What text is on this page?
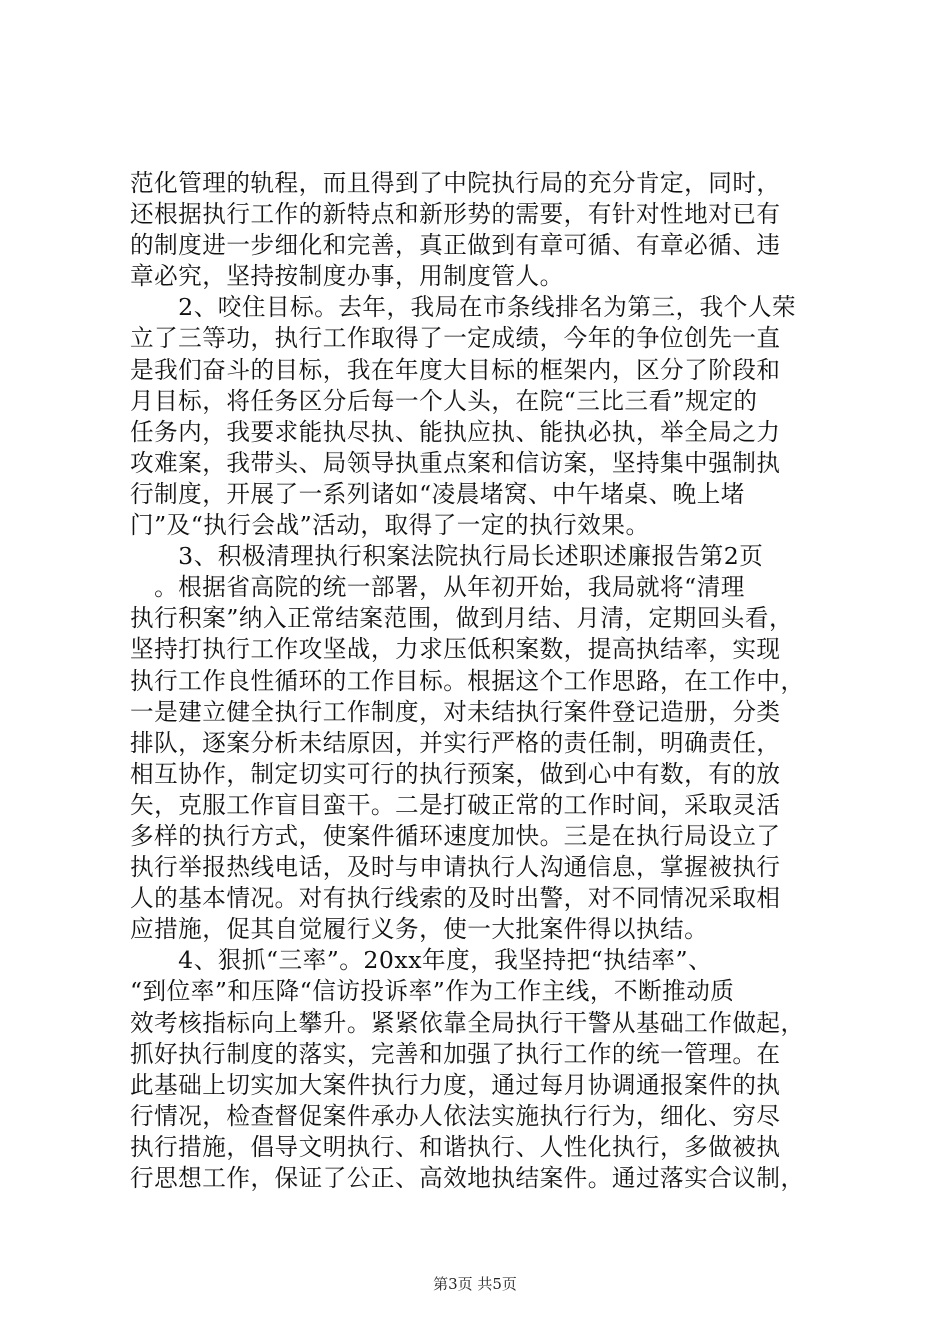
范化管理的轨程，而且得到了中院执行局的充分肯定，同时，
还根据执行工作的新特点和新形势的需要，有针对性地对已有
的制度进一步细化和完善，真正做到有章可循、有章必循、违
章必究，坚持按制度办事，用制度管人。
　　2、咬住目标。去年，我局在市条线排名为第三，我个人荣
立了三等功，执行工作取得了一定成绩，今年的争位创先一直
是我们奋斗的目标，我在年度大目标的框架内，区分了阶段和
月目标，将任务区分后每一个人头，在院“三比三看”规定的
任务内，我要求能执尽执、能执应执、能执必执，举全局之力
攻难案，我带头、局领导执重点案和信访案，坚持集中强制执
行制度，开展了一系列诸如“凌晨堵窝、中午堵桌、晚上堵
门”及“执行会战”活动，取得了一定的执行效果。
　　3、积极清理执行积案法院执行局长述职述廉报告第2页
　。根据省高院的统一部署，从年初开始，我局就将“清理
执行积案”纳入正常结案范围，做到月结、月清，定期回头看，
坚持打执行工作攻坚战，力求压低积案数，提高执结率，实现
执行工作良性循环的工作目标。根据这个工作思路，在工作中，
一是建立健全执行工作制度，对未结执行案件登记造册，分类
排队，逐案分析未结原因，并实行严格的责任制，明确责任，
相互协作，制定切实可行的执行预案，做到心中有数，有的放
矢，克服工作盲目蛮干。二是打破正常的工作时间，采取灵活
多样的执行方式，使案件循环速度加快。三是在执行局设立了
执行举报热线电话，及时与申请执行人沟通信息，掌握被执行
人的基本情况。对有执行线索的及时出警，对不同情况采取相
应措施，促其自觉履行义务，使一大批案件得以执结。
　　4、狠抓“三率”。20xx年度，我坚持把“执结率”、
“到位率”和压降“信访投诉率”作为工作主线，不断推动质
效考核指标向上攀升。紧紧依靠全局执行干警从基础工作做起，
抓好执行制度的落实，完善和加强了执行工作的统一管理。在
此基础上切实加大案件执行力度，通过每月协调通报案件的执
行情况，检查督促案件承办人依法实施执行行为，细化、穷尽
执行措施，倡导文明执行、和谐执行、人性化执行，多做被执
行思想工作，保证了公正、高效地执结案件。通过落实合议制，
第3页 共5页
